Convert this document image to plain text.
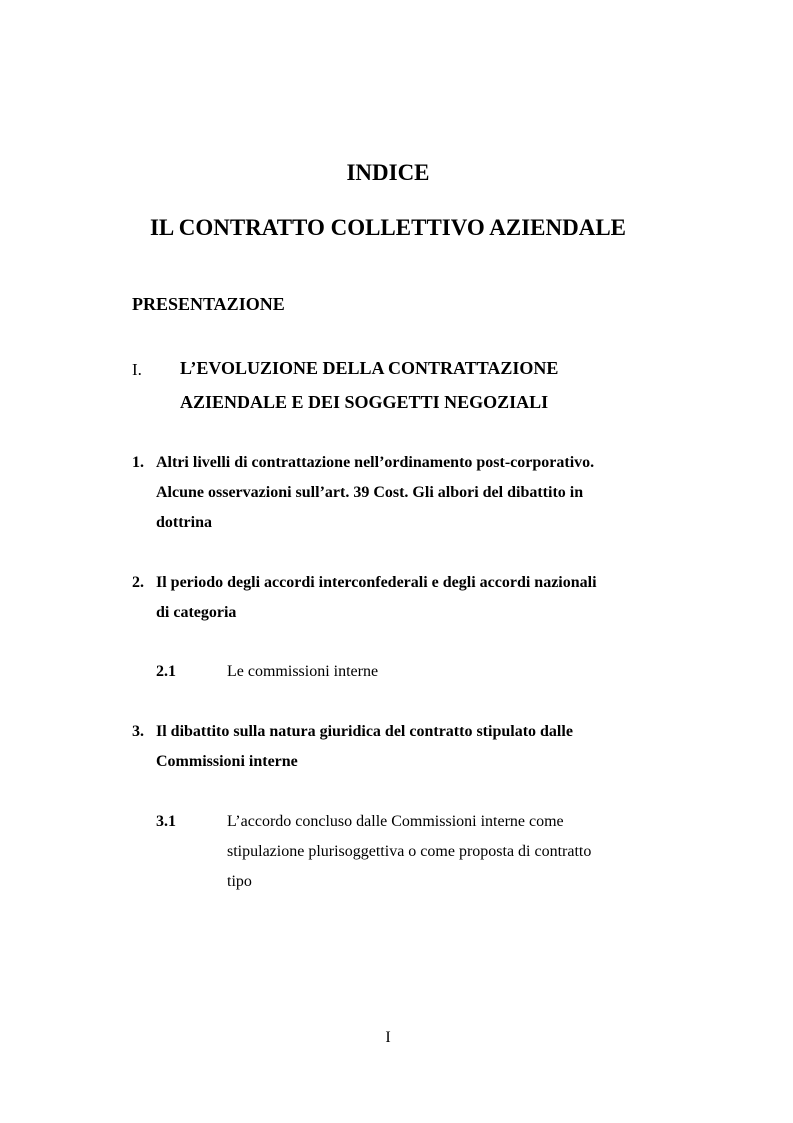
INDICE
IL CONTRATTO COLLETTIVO AZIENDALE
PRESENTAZIONE
I. L’EVOLUZIONE DELLA CONTRATTAZIONE
AZIENDALE E DEI SOGGETTI NEGOZIALI
1. Altri livelli di contrattazione nell’ordinamento post-corporativo.
Alcune osservazioni sull’art. 39 Cost. Gli albori del dibattito in
dottrina
2. Il periodo degli accordi interconfederali e degli accordi nazionali
di categoria
2.1	Le commissioni interne
3. Il dibattito sulla natura giuridica del contratto stipulato dalle
Commissioni interne
3.1	L’accordo concluso dalle Commissioni interne come
stipulazione plurisoggettiva o come proposta di contratto
tipo
I
